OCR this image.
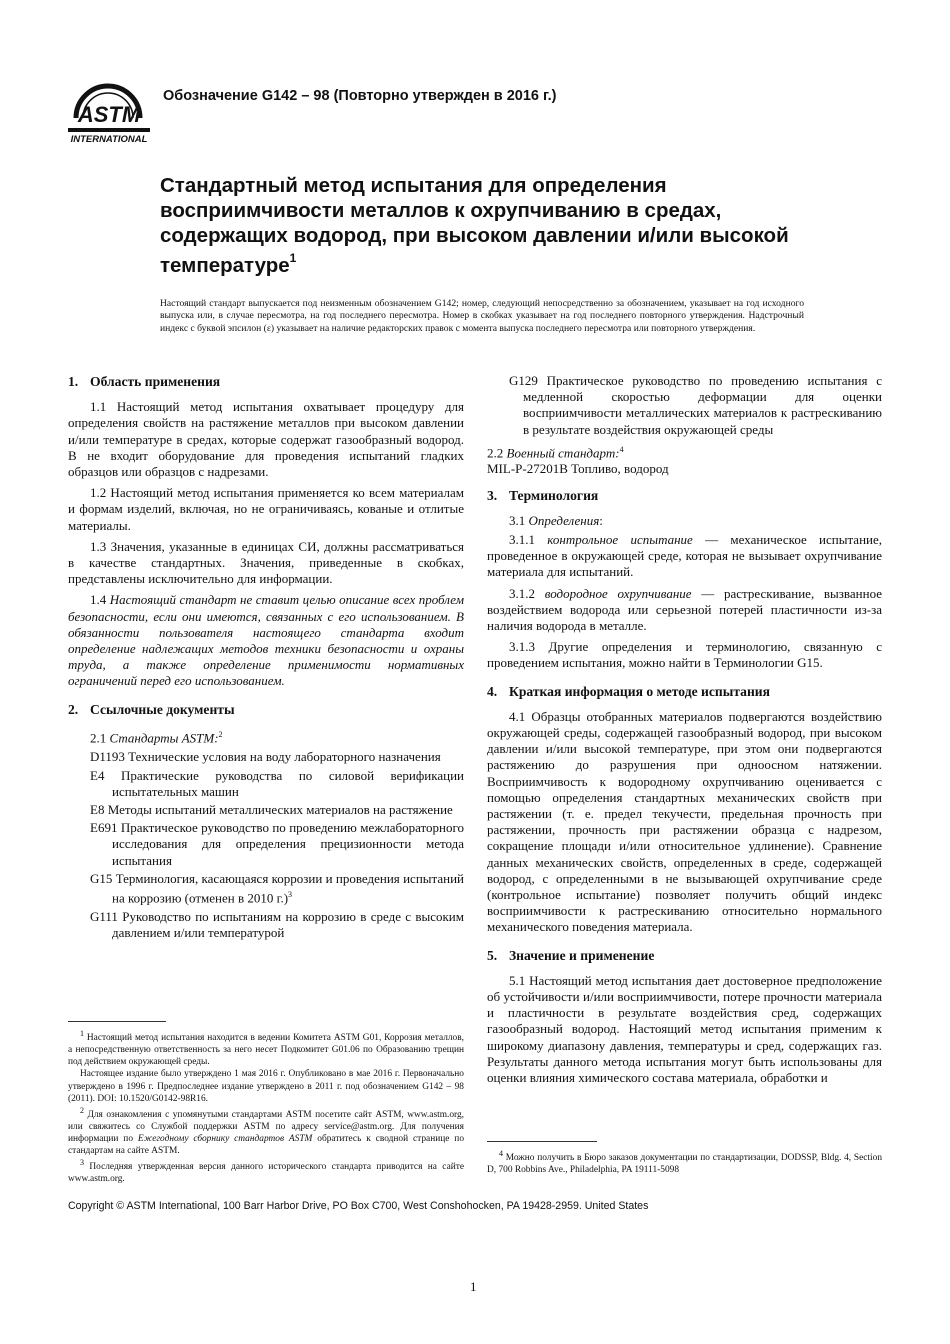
ASTM
INTERNATIONAL
Обозначение G142 – 98 (Повторно утвержден в 2016 г.)
Стандартный метод испытания для определения восприимчивости металлов к охрупчиванию в средах, содержащих водород, при высоком давлении и/или высокой температуре$^1$

Настоящий стандарт выпускается под неизменным обозначением G142; номер, следующий непосредственно за обозначением, указывает на год исходного выпуска или, в случае пересмотра, на год последнего пересмотра. Номер в скобках указывает на год последнего повторного утверждения. Надстрочный индекс с буквой эпсилон (ε) указывает на наличие редакторских правок с момента выпуска последнего пересмотра или повторного утверждения.

1. Область применения

1.1 Настоящий метод испытания охватывает процедуру для определения свойств на растяжение металлов при высоком давлении и/или температуре в средах, которые содержат газообразный водород. В не входит оборудование для проведения испытаний гладких образцов или образцов с надрезами.

1.2 Настоящий метод испытания применяется ко всем материалам и формам изделий, включая, но не ограничиваясь, кованые и отлитые материалы.

1.3 Значения, указанные в единицах СИ, должны рассматриваться в качестве стандартных. Значения, приведенные в скобках, представлены исключительно для информации.

1.4 Настоящий стандарт не ставит целью описание всех проблем безопасности, если они имеются, связанных с его использованием. В обязанности пользователя настоящего стандарта входит определение надлежащих методов техники безопасности и охраны труда, а также определение применимости нормативных ограничений перед его использованием.

2. Ссылочные документы
2.1 Стандарты ASTM:$^2$
D1193 Технические условия на воду лабораторного назначения
E4 Практические руководства по силовой верификации испытательных машин
E8 Методы испытаний металлических материалов на растяжение
E691 Практическое руководство по проведению межлабораторного исследования для определения прецизионности метода испытания
G15 Терминология, касающаяся коррозии и проведения испытаний на коррозию (отменен в 2010 г.)$^3$
G111 Руководство по испытаниям на коррозию в среде с высоким давлением и/или температурой

$^1$ Настоящий метод испытания находится в ведении Комитета ASTM G01, Коррозия металлов, а непосредственную ответственность за него несет Подкомитет G01.06 по Образованию трещин под действием окружающей среды.

Настоящее издание было утверждено 1 мая 2016 г. Опубликовано в мае 2016 г. Первоначально утверждено в 1996 г. Предпоследнее издание утверждено в 2011 г. под обозначением G142 – 98 (2011). DOI: 10.1520/G0142-98R16.

$^2$ Для ознакомления с упомянутыми стандартами ASTM посетите сайт ASTM, www.astm.org, или свяжитесь со Службой поддержки ASTM по адресу service@astm.org. Для получения информации по Ежегодному сборнику стандартов ASTM обратитесь к сводной странице по стандартам на сайте ASTM.

$^3$ Последняя утвержденная версия данного исторического стандарта приводится на сайте www.astm.org.

G129 Практическое руководство по проведению испытания с медленной скоростью деформации для оценки восприимчивости металлических материалов к растрескиванию в результате воздействия окружающей среды
2.2 Военный стандарт:$^4$
MIL-P-27201B Топливо, водород
3. Терминология
3.1 Определения:

3.1.1 контрольное испытание — механическое испытание, проведенное в окружающей среде, которая не вызывает охрупчивание материала для испытаний.

3.1.2 водородное охрупчивание — растрескивание, вызванное воздействием водорода или серьезной потерей пластичности из-за наличия водорода в металле.

3.1.3 Другие определения и терминологию, связанную с проведением испытания, можно найти в Терминологии G15.

4. Краткая информация о методе испытания

4.1 Образцы отобранных материалов подвергаются воздействию окружающей среды, содержащей газообразный водород, при высоком давлении и/или высокой температуре, при этом они подвергаются растяжению до разрушения при одноосном натяжении. Восприимчивость к водородному охрупчиванию оценивается с помощью определения стандартных механических свойств при растяжении (т. е. предел текучести, предельная прочность при растяжении, прочность при растяжении образца с надрезом, сокращение площади и/или относительное удлинение). Сравнение данных механических свойств, определенных в среде, содержащей водород, с определенными в не вызывающей охрупчивание среде (контрольное испытание) позволяет получить общий индекс восприимчивости к растрескиванию относительно нормального механического поведения материала.

5. Значение и применение

5.1 Настоящий метод испытания дает достоверное предположение об устойчивости и/или восприимчивости, потере прочности материала и пластичности в результате воздействия сред, содержащих газообразный водород. Настоящий метод испытания применим к широкому диапазону давления, температуры и сред, содержащих газ. Результаты данного метода испытания могут быть использованы для оценки влияния химического состава материала, обработки и

$^4$ Можно получить в Бюро заказов документации по стандартизации, DODSSP, Bldg. 4, Section D, 700 Robbins Ave., Philadelphia, PA 19111-5098

Copyright © ASTM International, 100 Barr Harbor Drive, PO Box C700, West Conshohocken, PA 19428-2959. United States
1
